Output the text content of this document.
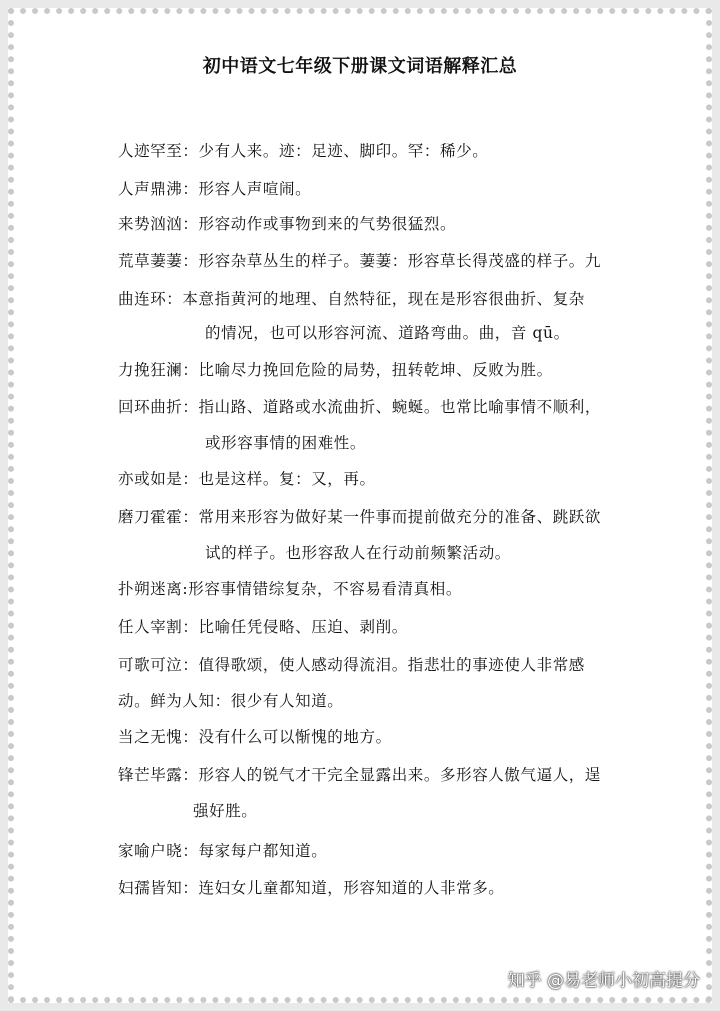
初中语文七年级下册课文词语解释汇总
人迹罕至：少有人来。迹：足迹、脚印。罕：稀少。
人声鼎沸：形容人声喧闹。
来势汹汹：形容动作或事物到来的气势很猛烈。
荒草萋萋：形容杂草丛生的样子。萋萋：形容草长得茂盛的样子。九
曲连环：本意指黄河的地理、自然特征，现在是形容很曲折、复杂
的情况，也可以形容河流、道路弯曲。曲，音 qū。
力挽狂澜：比喻尽力挽回危险的局势，扭转乾坤、反败为胜。
回环曲折：指山路、道路或水流曲折、蜿蜒。也常比喻事情不顺利，
或形容事情的困难性。
亦或如是：也是这样。复：又，再。
磨刀霍霍：常用来形容为做好某一件事而提前做充分的准备、跳跃欲
试的样子。也形容敌人在行动前频繁活动。
扑朔迷离:形容事情错综复杂，不容易看清真相。
任人宰割：比喻任凭侵略、压迫、剥削。
可歌可泣：值得歌颂，使人感动得流泪。指悲壮的事迹使人非常感
动。鲜为人知：很少有人知道。
当之无愧：没有什么可以惭愧的地方。
锋芒毕露：形容人的锐气才干完全显露出来。多形容人傲气逼人，逞
强好胜。
家喻户晓：每家每户都知道。
妇孺皆知：连妇女儿童都知道，形容知道的人非常多。
知乎 @易老师小初高提分
